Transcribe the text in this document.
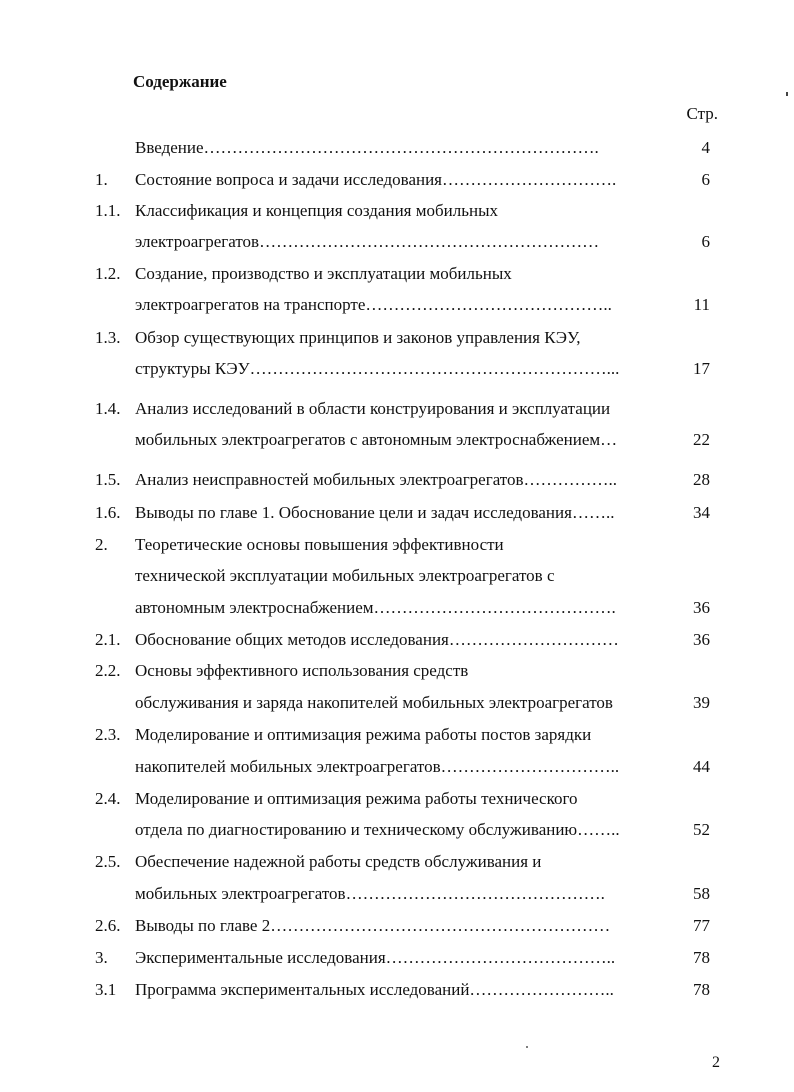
Содержание
Стр.
Введение…………………………………………………………….	4
1.	Состояние вопроса и задачи исследования………………………….	6
1.1. Классификация и концепция создания мобильных
электроагрегатов……………………………………………………	6
1.2. Создание, производство и эксплуатации мобильных
электроагрегатов на транспорте……………………………………..	11
1.3. Обзор существующих принципов и законов управления КЭУ,
структуры КЭУ………………………………………………………...	17
1.4. Анализ исследований в области конструирования и эксплуатации
мобильных электроагрегатов с автономным электроснабжением…	22
1.5. Анализ неисправностей мобильных электроагрегатов……………..	28
1.6. Выводы по главе 1. Обоснование цели и задач исследования……..	34
2.	Теоретические основы повышения эффективности
технической эксплуатации мобильных электроагрегатов с
автономным электроснабжением…………………………………….	36
2.1. Обоснование общих методов исследования…………………………	36
2.2. Основы эффективного использования средств
обслуживания и заряда накопителей мобильных электроагрегатов	39
2.3. Моделирование и оптимизация режима работы постов зарядки
накопителей мобильных электроагрегатов…………………………..	44
2.4. Моделирование и оптимизация режима работы технического
отдела по диагностированию и техническому обслуживанию……..	52
2.5. Обеспечение надежной работы средств обслуживания и
мобильных электроагрегатов……………………………………….	58
2.6. Выводы по главе 2……………………………………………………	77
3.	Экспериментальные исследования…………………………………..	78
3.1	Программа экспериментальных исследований……………………..	78
2
